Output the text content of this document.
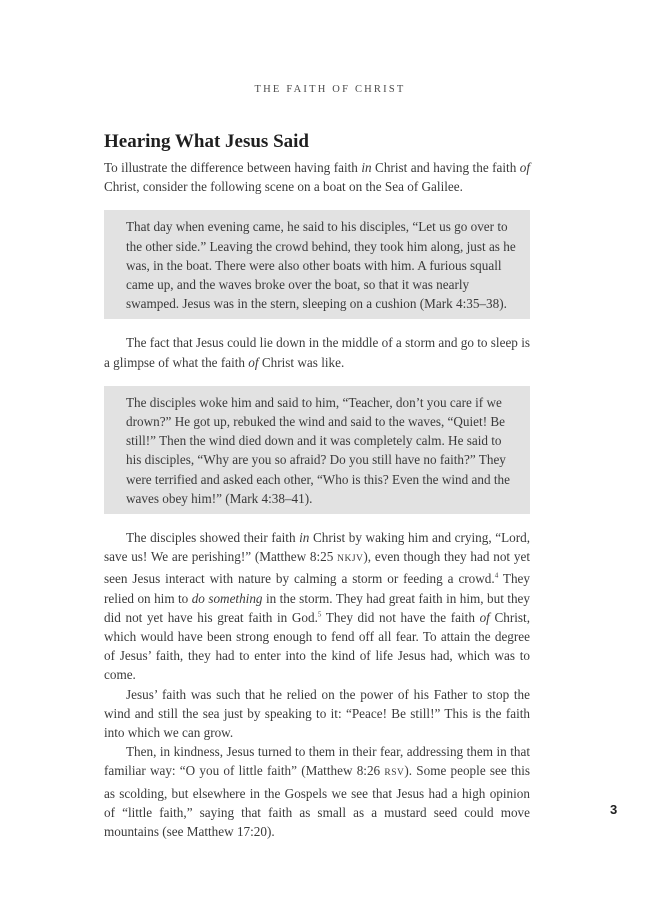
THE FAITH OF CHRIST
Hearing What Jesus Said

To illustrate the difference between having faith in Christ and having the faith of Christ, consider the following scene on a boat on the Sea of Galilee.

That day when evening came, he said to his disciples, “Let us go over to the other side.” Leaving the crowd behind, they took him along, just as he was, in the boat. There were also other boats with him. A furious squall came up, and the waves broke over the boat, so that it was nearly swamped. Jesus was in the stern, sleeping on a cushion (Mark 4:35–38).

The fact that Jesus could lie down in the middle of a storm and go to sleep is a glimpse of what the faith of Christ was like.

The disciples woke him and said to him, “Teacher, don’t you care if we drown?” He got up, rebuked the wind and said to the waves, “Quiet! Be still!” Then the wind died down and it was completely calm. He said to his disciples, “Why are you so afraid? Do you still have no faith?” They were terrified and asked each other, “Who is this? Even the wind and the waves obey him!” (Mark 4:38–41).

The disciples showed their faith in Christ by waking him and crying, “Lord, save us! We are perishing!” (Matthew 8:25 NKJV), even though they had not yet seen Jesus interact with nature by calming a storm or feeding a crowd.$^4$ They relied on him to do something in the storm. They had great faith in him, but they did not yet have his great faith in God.$^5$ They did not have the faith of Christ, which would have been strong enough to fend off all fear. To attain the degree of Jesus’ faith, they had to enter into the kind of life Jesus had, which was to come.

Jesus’ faith was such that he relied on the power of his Father to stop the wind and still the sea just by speaking to it: “Peace! Be still!” This is the faith into which we can grow.

Then, in kindness, Jesus turned to them in their fear, addressing them in that familiar way: “O you of little faith” (Matthew 8:26 RSV). Some people see this as scolding, but elsewhere in the Gospels we see that Jesus had a high opinion of “little faith,” saying that faith as small as a mustard seed could move mountains (see Matthew 17:20).

3
